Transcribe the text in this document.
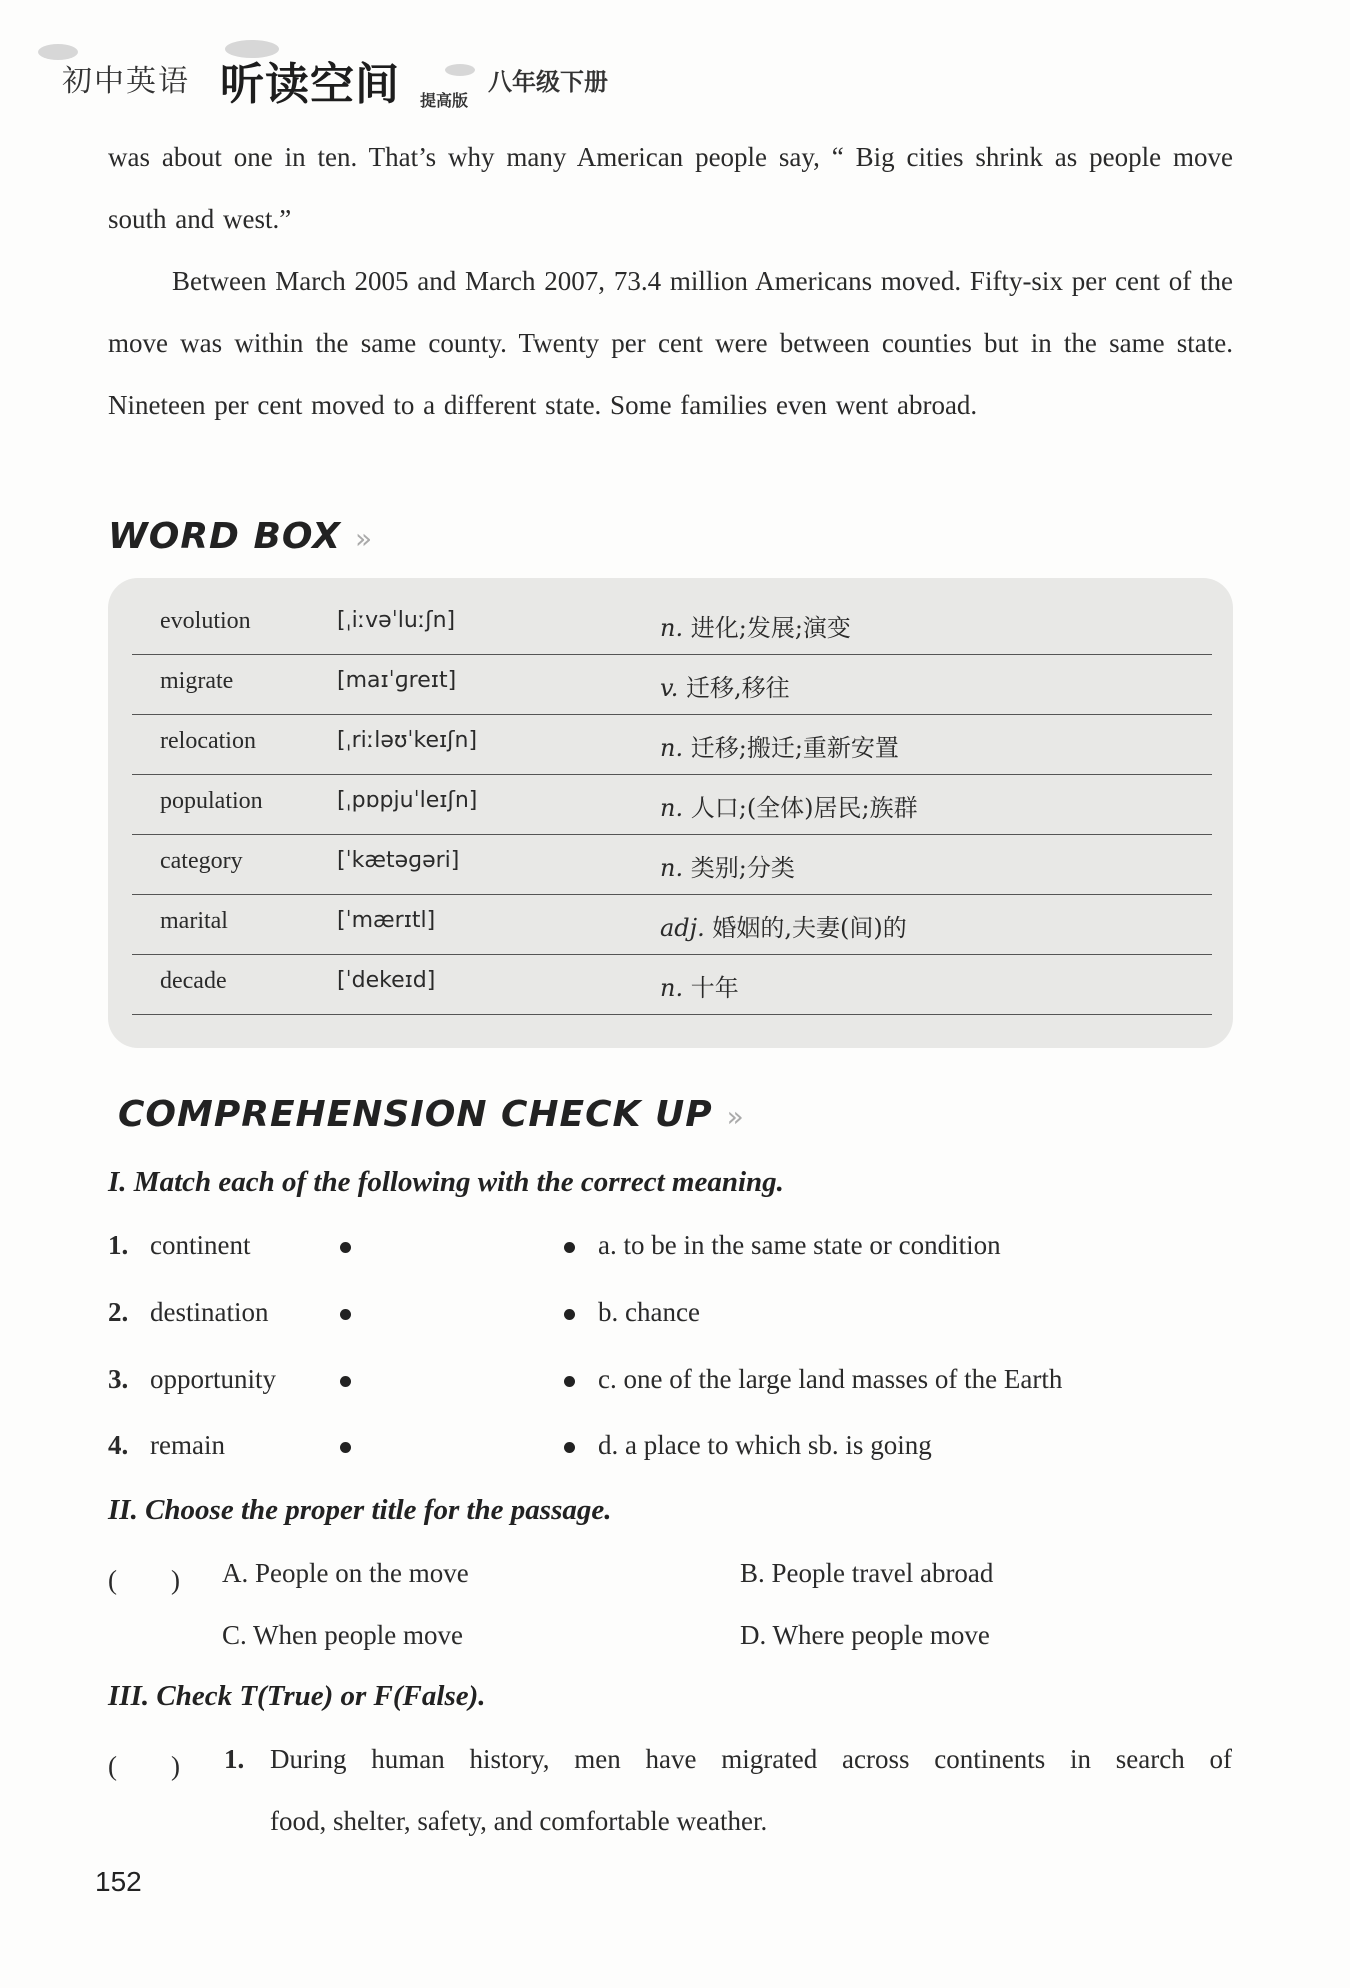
初中英语 听读空间 提高版
八年级下册
was about one in ten. That’s why many American people say, “ Big cities shrink as people move south and west.”
Between March 2005 and March 2007, 73.4 million Americans moved. Fifty-six per cent of the move was within the same county. Twenty per cent were between counties but in the same state. Nineteen per cent moved to a different state. Some families even went abroad.
WORD BOX »
evolution	[ˌiːvəˈluːʃn]	n. 进化;发展;演变
migrate	[maɪˈɡreɪt]	v. 迁移,移往
relocation	[ˌriːləʊˈkeɪʃn]	n. 迁移;搬迁;重新安置
population	[ˌpɒpjuˈleɪʃn]	n. 人口;(全体)居民;族群
category	[ˈkætəɡəri]	n. 类别;分类
marital	[ˈmærɪtl]	adj. 婚姻的,夫妻(间)的
decade	[ˈdekeɪd]	n. 十年
COMPREHENSION CHECK UP »
I. Match each of the following with the correct meaning.
1. continent	a. to be in the same state or condition
2. destination	b. chance
3. opportunity	c. one of the large land masses of the Earth
4. remain	d. a place to which sb. is going
II. Choose the proper title for the passage.
(　　) A. People on the move	B. People travel abroad
C. When people move	D. Where people move
III. Check T(True) or F(False).
(　　) 1. During human history, men have migrated across continents in search of
food, shelter, safety, and comfortable weather.
152
